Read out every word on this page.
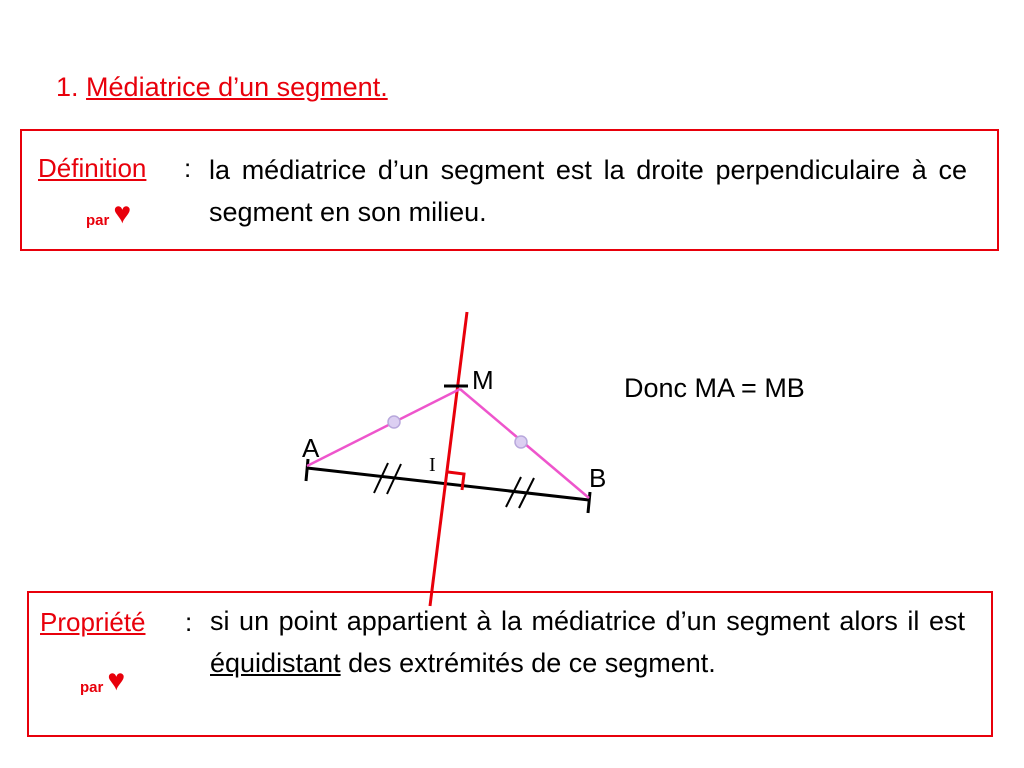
1. Médiatrice d’un segment.
Définition :
par ♥
la médiatrice d’un segment est la droite perpendiculaire à ce segment en son milieu.
A
B
M
I
Donc MA = MB
Propriété :
par ♥
si un point appartient à la médiatrice d’un segment alors il est équidistant des extrémités de ce segment.
